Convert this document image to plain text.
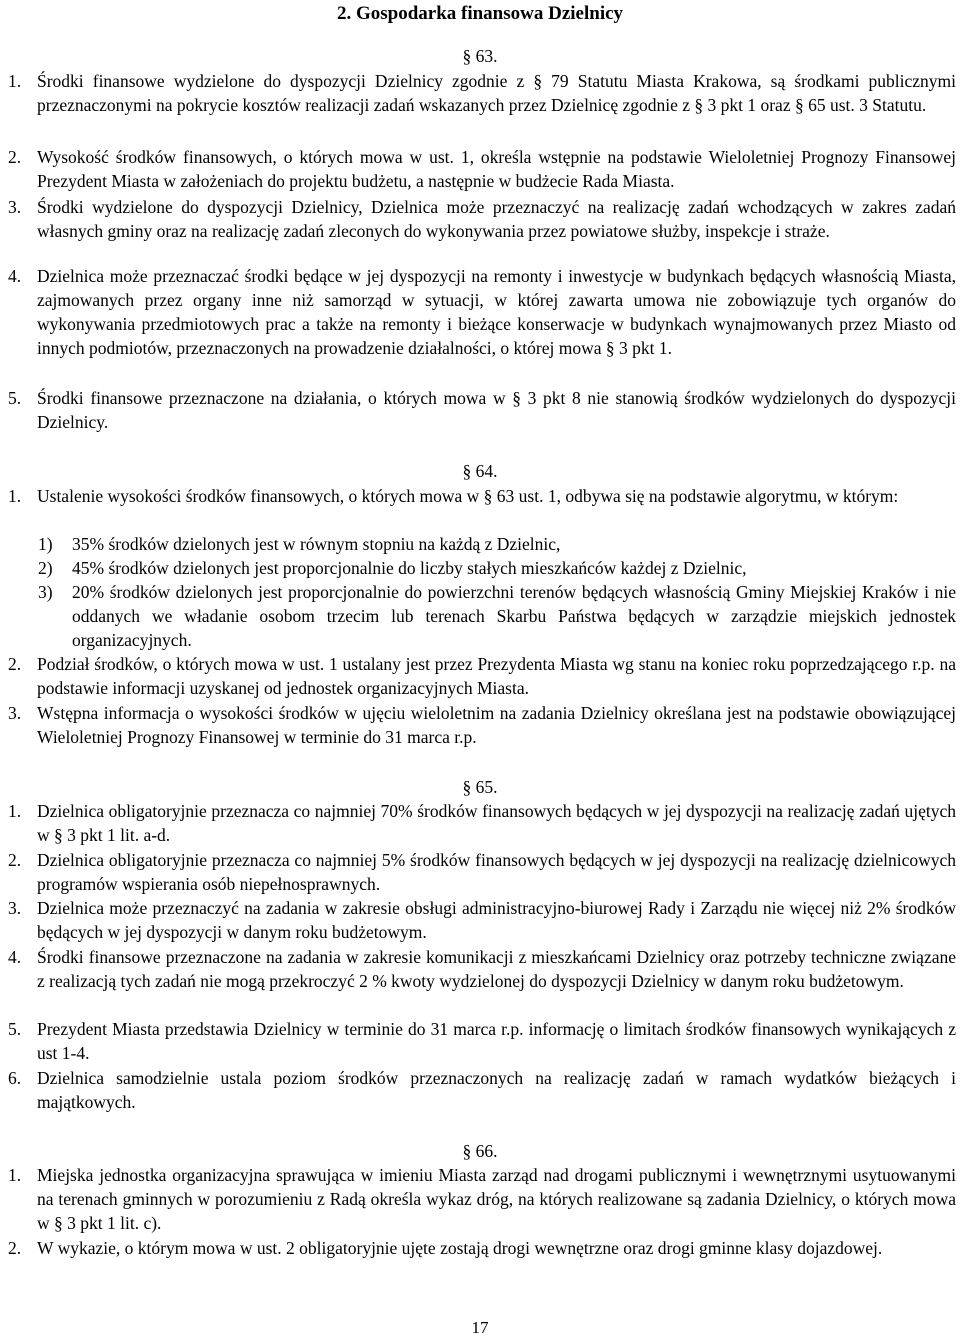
2. Gospodarka finansowa Dzielnicy
§ 63.
1. Środki finansowe wydzielone do dyspozycji Dzielnicy zgodnie z § 79 Statutu Miasta Krakowa, są środkami publicznymi przeznaczonymi na pokrycie kosztów realizacji zadań wskazanych przez Dzielnicę zgodnie z § 3 pkt 1 oraz § 65 ust. 3 Statutu.
2. Wysokość środków finansowych, o których mowa w ust. 1, określa wstępnie na podstawie Wieloletniej Prognozy Finansowej Prezydent Miasta w założeniach do projektu budżetu, a następnie w budżecie Rada Miasta.
3. Środki wydzielone do dyspozycji Dzielnicy, Dzielnica może przeznaczyć na realizację zadań wchodzących w zakres zadań własnych gminy oraz na realizację zadań zleconych do wykonywania przez powiatowe służby, inspekcje i straże.
4. Dzielnica może przeznaczać środki będące w jej dyspozycji na remonty i inwestycje w budynkach będących własnością Miasta, zajmowanych przez organy inne niż samorząd w sytuacji, w której zawarta umowa nie zobowiązuje tych organów do wykonywania przedmiotowych prac a także na remonty i bieżące konserwacje w budynkach wynajmowanych przez Miasto od innych podmiotów, przeznaczonych na prowadzenie działalności, o której mowa § 3 pkt 1.
5. Środki finansowe przeznaczone na działania, o których mowa w § 3 pkt 8 nie stanowią środków wydzielonych do dyspozycji Dzielnicy.
§ 64.
1. Ustalenie wysokości środków finansowych, o których mowa w § 63 ust. 1, odbywa się na podstawie algorytmu, w którym:
1)	35% środków dzielonych jest w równym stopniu na każdą z Dzielnic,
2)	45% środków dzielonych jest proporcjonalnie do liczby stałych mieszkańców każdej z Dzielnic,
3)	20% środków dzielonych jest proporcjonalnie do powierzchni terenów będących własnością Gminy Miejskiej Kraków i nie oddanych we władanie osobom trzecim lub terenach Skarbu Państwa będących w zarządzie miejskich jednostek organizacyjnych.
2. Podział środków, o których mowa w ust. 1 ustalany jest przez Prezydenta Miasta wg stanu na koniec roku poprzedzającego r.p. na podstawie informacji uzyskanej od jednostek organizacyjnych Miasta.
3. Wstępna informacja o wysokości środków w ujęciu wieloletnim na zadania Dzielnicy określana jest na podstawie obowiązującej Wieloletniej Prognozy Finansowej w terminie do 31 marca r.p.
§ 65.
1. Dzielnica obligatoryjnie przeznacza co najmniej 70% środków finansowych będących w jej dyspozycji na realizację zadań ujętych w § 3 pkt 1 lit. a-d.
2. Dzielnica obligatoryjnie przeznacza co najmniej 5% środków finansowych będących w jej dyspozycji na realizację dzielnicowych programów wspierania osób niepełnosprawnych.
3. Dzielnica może przeznaczyć na zadania w zakresie obsługi administracyjno-biurowej Rady i Zarządu nie więcej niż 2% środków będących w jej dyspozycji w danym roku budżetowym.
4. Środki finansowe przeznaczone na zadania w zakresie komunikacji z mieszkańcami Dzielnicy oraz potrzeby techniczne związane z realizacją tych zadań nie mogą przekroczyć 2 % kwoty wydzielonej do dyspozycji Dzielnicy w danym roku budżetowym.
5. Prezydent Miasta przedstawia Dzielnicy w terminie do 31 marca r.p. informację o limitach środków finansowych wynikających z ust 1-4.
6. Dzielnica samodzielnie ustala poziom środków przeznaczonych na realizację zadań w ramach wydatków bieżących i majątkowych.
§ 66.
1. Miejska jednostka organizacyjna sprawująca w imieniu Miasta zarząd nad drogami publicznymi i wewnętrznymi usytuowanymi na terenach gminnych w porozumieniu z Radą określa wykaz dróg, na których realizowane są zadania Dzielnicy, o których mowa w § 3 pkt 1 lit. c).
2. W wykazie, o którym mowa w ust. 2 obligatoryjnie ujęte zostają drogi wewnętrzne oraz drogi gminne klasy dojazdowej.
17
